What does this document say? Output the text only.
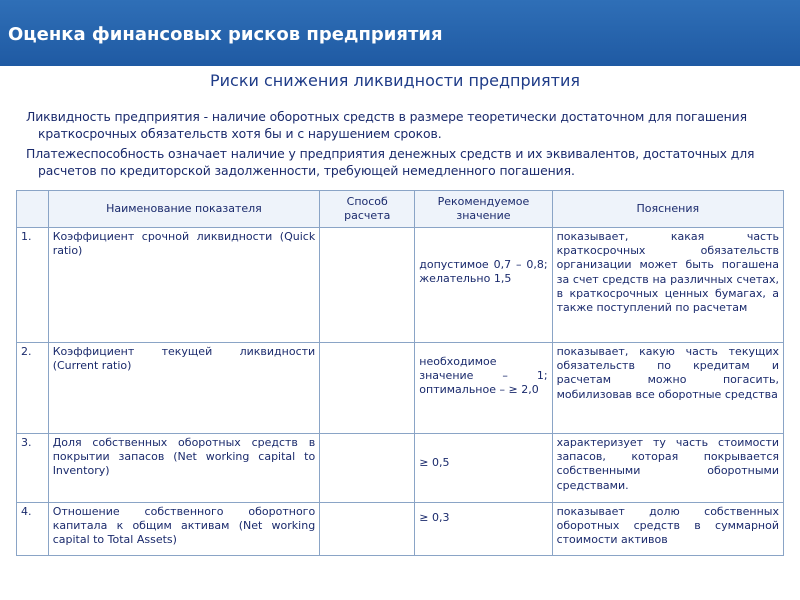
Оценка финансовых рисков предприятия
Риски снижения ликвидности предприятия
Ликвидность предприятия - наличие оборотных средств в размере теоретически достаточном для погашения краткосрочных обязательств хотя бы и с нарушением сроков.
Платежеспособность означает наличие у предприятия денежных средств и их эквивалентов, достаточных для расчетов по кредиторской задолженности, требующей немедленного погашения.
	Наименование показателя	Способ расчета	Рекомендуемое значение	Пояснения
1.	Коэффициент срочной ликвидности (Quick ratio)		допустимое 0,7 – 0,8; желательно 1,5	показывает, какая часть краткосрочных обязательств организации может быть погашена за счет средств на различных счетах, в краткосрочных ценных бумагах, а также поступлений по расчетам
2.	Коэффициент текущей ликвидности (Current ratio)		необходимое значение – 1; оптимальное – ≥ 2,0	показывает, какую часть текущих обязательств по кредитам и расчетам можно погасить, мобилизовав все оборотные средства
3.	Доля собственных оборотных средств в покрытии запасов (Net working capital to Inventory)		≥ 0,5	характеризует ту часть стоимости запасов, которая покрывается собственными оборотными средствами.
4.	Отношение собственного оборотного капитала к общим активам (Net working capital to Total Assets)		≥ 0,3	показывает долю собственных оборотных средств в суммарной стоимости активов
